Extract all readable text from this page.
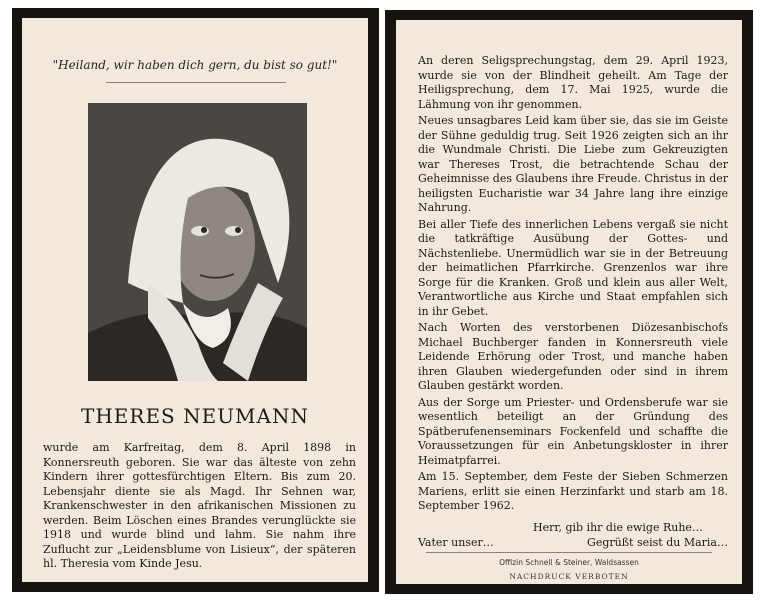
"Heiland, wir haben dich gern, du bist so gut!"
THERES NEUMANN
wurde am Karfreitag, dem 8. April 1898 in Konnersreuth geboren. Sie war das älteste von zehn Kindern ihrer gottesfürchtigen Eltern. Bis zum 20. Lebensjahr diente sie als Magd. Ihr Sehnen war, Krankenschwester in den afrikanischen Missionen zu werden. Beim Löschen eines Brandes verunglückte sie 1918 und wurde blind und lahm. Sie nahm ihre Zuflucht zur „Leidensblume von Lisieux“, der späteren hl. Theresia vom Kinde Jesu.

An deren Seligsprechungstag, dem 29. April 1923, wurde sie von der Blindheit geheilt. Am Tage der Heiligsprechung, dem 17. Mai 1925, wurde die Lähmung von ihr genommen.

Neues unsagbares Leid kam über sie, das sie im Geiste der Sühne geduldig trug. Seit 1926 zeigten sich an ihr die Wundmale Christi. Die Liebe zum Gekreuzigten war Thereses Trost, die betrachtende Schau der Geheimnisse des Glaubens ihre Freude. Christus in der heiligsten Eucharistie war 34 Jahre lang ihre einzige Nahrung.

Bei aller Tiefe des innerlichen Lebens vergaß sie nicht die tatkräftige Ausübung der Gottes- und Nächstenliebe. Unermüdlich war sie in der Betreuung der heimatlichen Pfarrkirche. Grenzenlos war ihre Sorge für die Kranken. Groß und klein aus aller Welt, Verantwortliche aus Kirche und Staat empfahlen sich in ihr Gebet.

Nach Worten des verstorbenen Diözesanbischofs Michael Buchberger fanden in Konnersreuth viele Leidende Erhörung oder Trost, und manche haben ihren Glauben wiedergefunden oder sind in ihrem Glauben gestärkt worden.

Aus der Sorge um Priester- und Ordensberufe war sie wesentlich beteiligt an der Gründung des Spätberufenenseminars Fockenfeld und schaffte die Voraussetzungen für ein Anbetungskloster in ihrer Heimatpfarrei.

Am 15. September, dem Feste der Sieben Schmerzen Mariens, erlitt sie einen Herzinfarkt und starb am 18. September 1962.

Herr, gib ihr die ewige Ruhe…
Vater unser…	Gegrüßt seist du Maria…
Offizin Schnell & Steiner, Waldsassen
NACHDRUCK VERBOTEN
